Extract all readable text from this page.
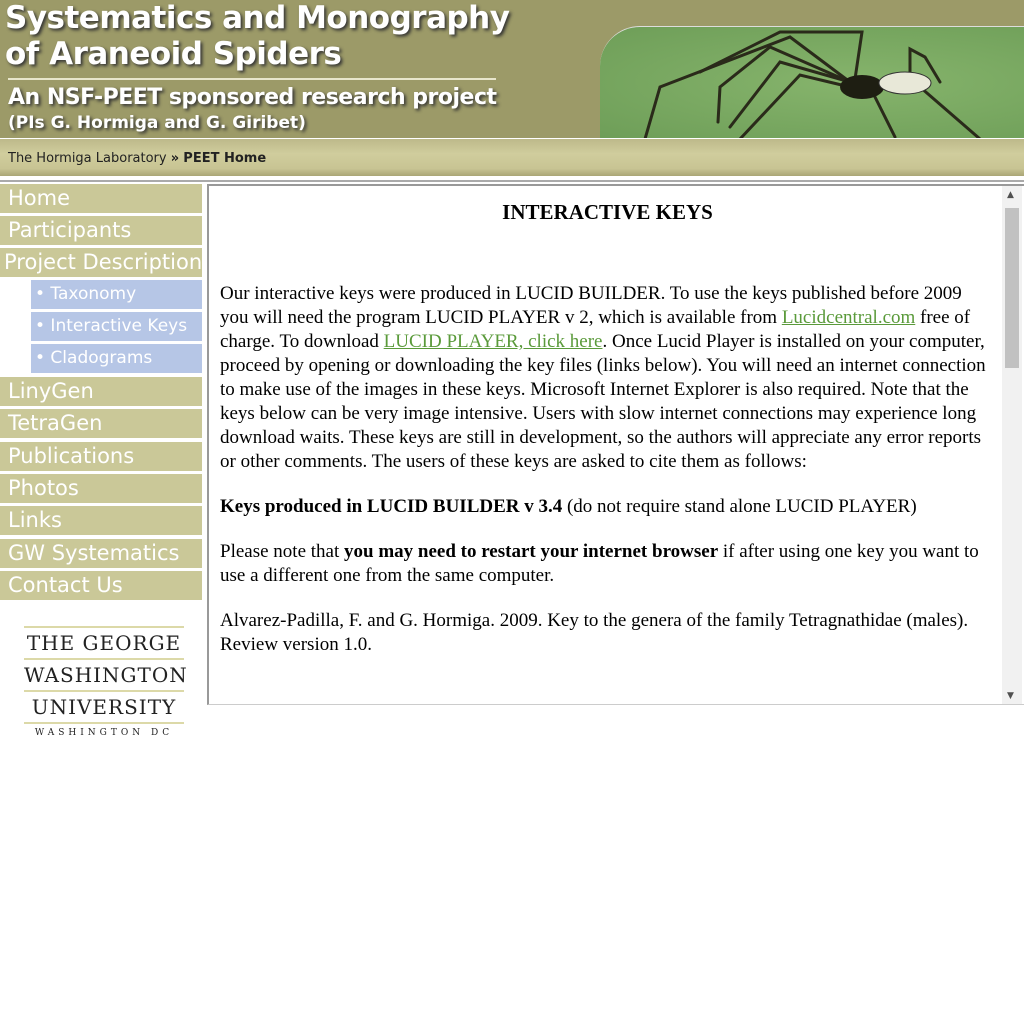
Systematics and Monography
of Araneoid Spiders
An NSF-PEET sponsored research project
(PIs G. Hormiga and G. Giribet)
The Hormiga Laboratory » PEET Home
Home
Participants
Project Description
• Taxonomy
• Interactive Keys
• Cladograms
LinyGen
TetraGen
Publications
Photos
Links
GW Systematics
Contact Us
THE GEORGE
WASHINGTON
UNIVERSITY
WASHINGTON DC
INTERACTIVE KEYS

Our interactive keys were produced in LUCID BUILDER. To use the keys published before 2009 you will need the program LUCID PLAYER v 2, which is available from Lucidcentral.com free of charge. To download LUCID PLAYER, click here. Once Lucid Player is installed on your computer, proceed by opening or downloading the key files (links below). You will need an internet connection to make use of the images in these keys. Microsoft Internet Explorer is also required. Note that the keys below can be very image intensive. Users with slow internet connections may experience long download waits. These keys are still in development, so the authors will appreciate any error reports or other comments. The users of these keys are asked to cite them as follows:

Keys produced in LUCID BUILDER v 3.4 (do not require stand alone LUCID PLAYER)

Please note that you may need to restart your internet browser if after using one key you want to use a different one from the same computer.

Alvarez-Padilla, F. and G. Hormiga. 2009. Key to the genera of the family Tetragnathidae (males). Review version 1.0.

▲
▼
